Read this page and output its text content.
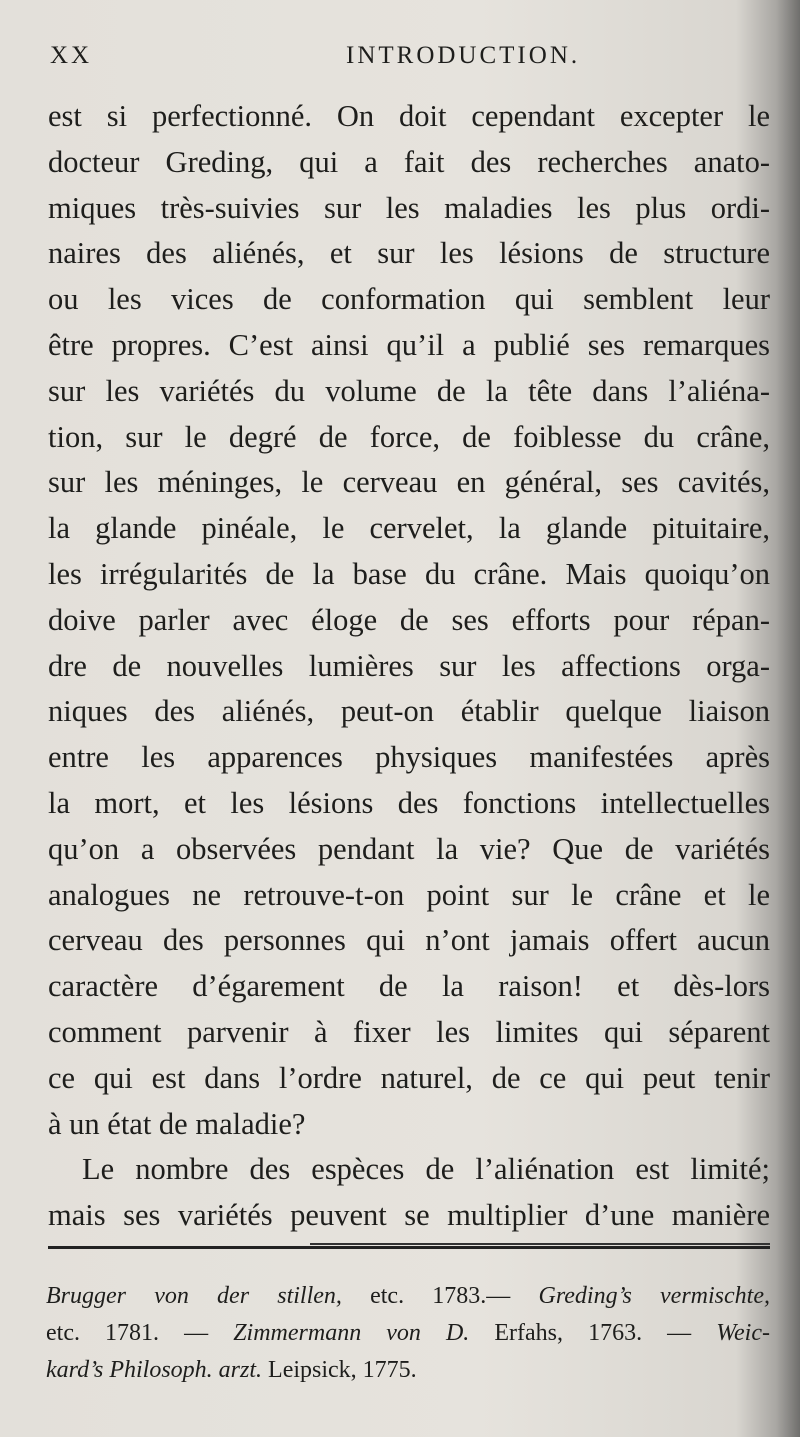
XX	INTRODUCTION.
est si perfectionné. On doit cependant excepter le
docteur Greding, qui a fait des recherches anato-
miques très-suivies sur les maladies les plus ordi-
naires des aliénés, et sur les lésions de structure
ou les vices de conformation qui semblent leur
être propres. C’est ainsi qu’il a publié ses remarques
sur les variétés du volume de la tête dans l’aliéna-
tion, sur le degré de force, de foiblesse du crâne,
sur les méninges, le cerveau en général, ses cavités,
la glande pinéale, le cervelet, la glande pituitaire,
les irrégularités de la base du crâne. Mais quoiqu’on
doive parler avec éloge de ses efforts pour répan-
dre de nouvelles lumières sur les affections orga-
niques des aliénés, peut-on établir quelque liaison
entre les apparences physiques manifestées après
la mort, et les lésions des fonctions intellectuelles
qu’on a observées pendant la vie? Que de variétés
analogues ne retrouve-t-on point sur le crâne et le
cerveau des personnes qui n’ont jamais offert aucun
caractère d’égarement de la raison! et dès-lors
comment parvenir à fixer les limites qui séparent
ce qui est dans l’ordre naturel, de ce qui peut tenir
à un état de maladie?
Le nombre des espèces de l’aliénation est limité;
mais ses variétés peuvent se multiplier d’une manière
Brugger von der stillen, etc. 1783.— Greding’s vermischte,
etc. 1781. — Zimmermann von D. Erfahs, 1763. — Weic-
kard’s Philosoph. arzt. Leipsick, 1775.
